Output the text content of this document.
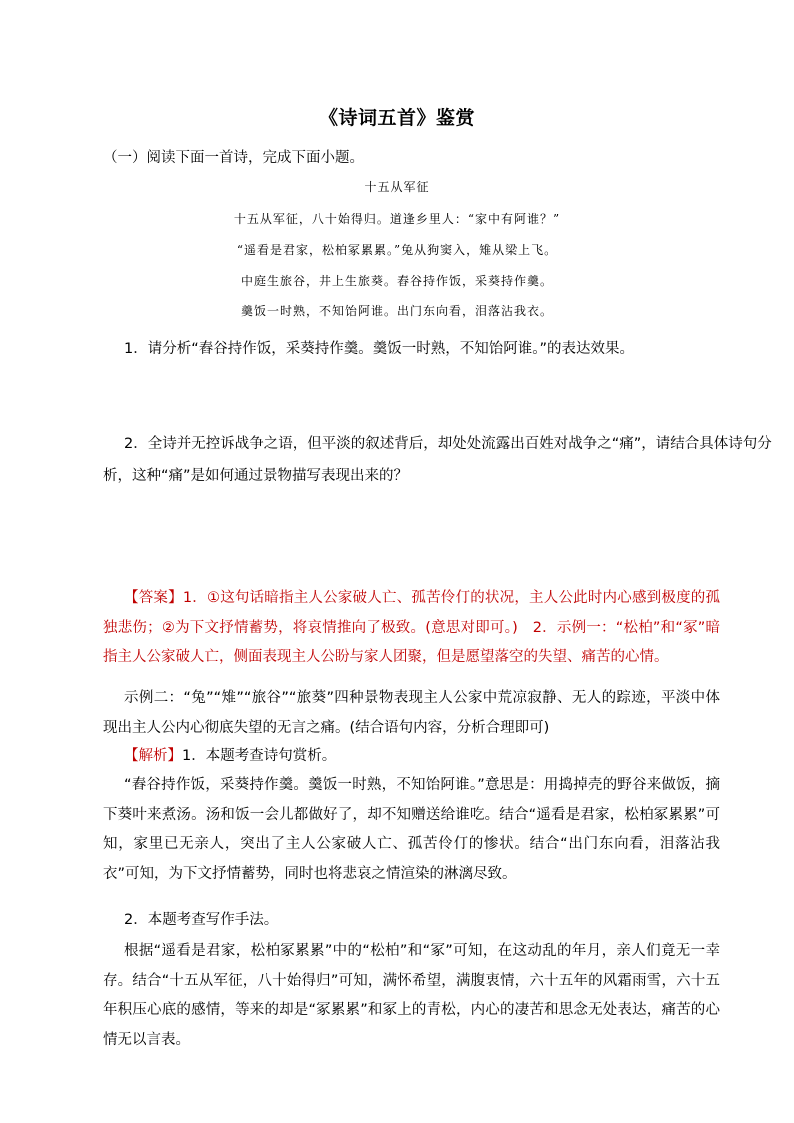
《诗词五首》鉴赏
（一）阅读下面一首诗，完成下面小题。
十五从军征
十五从军征，八十始得归。道逢乡里人：“家中有阿谁？”
“遥看是君家，松柏冢累累。”兔从狗窦入，雉从梁上飞。
中庭生旅谷，井上生旅葵。舂谷持作饭，采葵持作羹。
羹饭一时熟，不知饴阿谁。出门东向看，泪落沾我衣。
1．请分析“舂谷持作饭，采葵持作羹。羹饭一时熟，不知饴阿谁。”的表达效果。
2．全诗并无控诉战争之语，但平淡的叙述背后，却处处流露出百姓对战争之“痛”，请结合具体诗句分
析，这种“痛”是如何通过景物描写表现出来的？
【答案】1．①这句话暗指主人公家破人亡、孤苦伶仃的状况，主人公此时内心感到极度的孤独悲伤；②为下文抒情蓄势，将哀情推向了极致。(意思对即可。)　2．示例一：“松柏”和“冢”暗指主人公家破人亡，侧面表现主人公盼与家人团聚，但是愿望落空的失望、痛苦的心情。
示例二：“兔”“雉”“旅谷”“旅葵”四种景物表现主人公家中荒凉寂静、无人的踪迹，平淡中体现出主人公内心彻底失望的无言之痛。(结合语句内容，分析合理即可)
【解析】1．本题考查诗句赏析。
“舂谷持作饭，采葵持作羹。羹饭一时熟，不知饴阿谁。”意思是：用捣掉壳的野谷来做饭，摘下葵叶来煮汤。汤和饭一会儿都做好了，却不知赠送给谁吃。结合“遥看是君家，松柏冢累累”可知，家里已无亲人，突出了主人公家破人亡、孤苦伶仃的惨状。结合“出门东向看，泪落沾我衣”可知，为下文抒情蓄势，同时也将悲哀之情渲染的淋漓尽致。
2．本题考查写作手法。
根据“遥看是君家，松柏冢累累”中的“松柏”和“冢”可知，在这动乱的年月，亲人们竟无一幸存。结合“十五从军征，八十始得归”可知，满怀希望，满腹衷情，六十五年的风霜雨雪，六十五年积压心底的感情，等来的却是“冢累累”和冢上的青松，内心的凄苦和思念无处表达，痛苦的心情无以言表。
